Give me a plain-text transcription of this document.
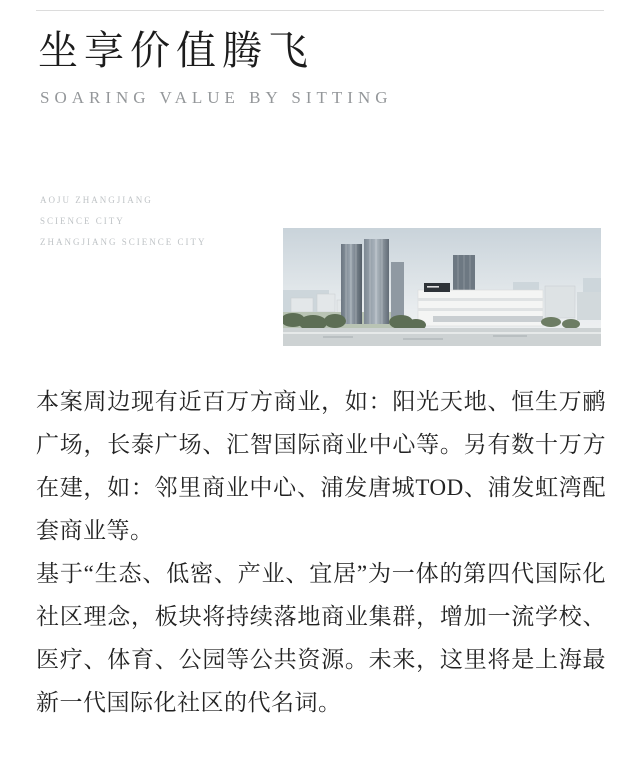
坐享价值腾飞
SOARING VALUE BY SITTING
AOJU ZHANGJIANG
SCIENCE CITY
ZHANGJIANG SCIENCE CITY

本案周边现有近百万方商业，如：阳光天地、恒生万鹂广场，长泰广场、汇智国际商业中心等。另有数十万方在建，如：邻里商业中心、浦发唐城TOD、浦发虹湾配套商业等。

基于“生态、低密、产业、宜居”为一体的第四代国际化社区理念，板块将持续落地商业集群，增加一流学校、医疗、体育、公园等公共资源。未来，这里将是上海最新一代国际化社区的代名词。
